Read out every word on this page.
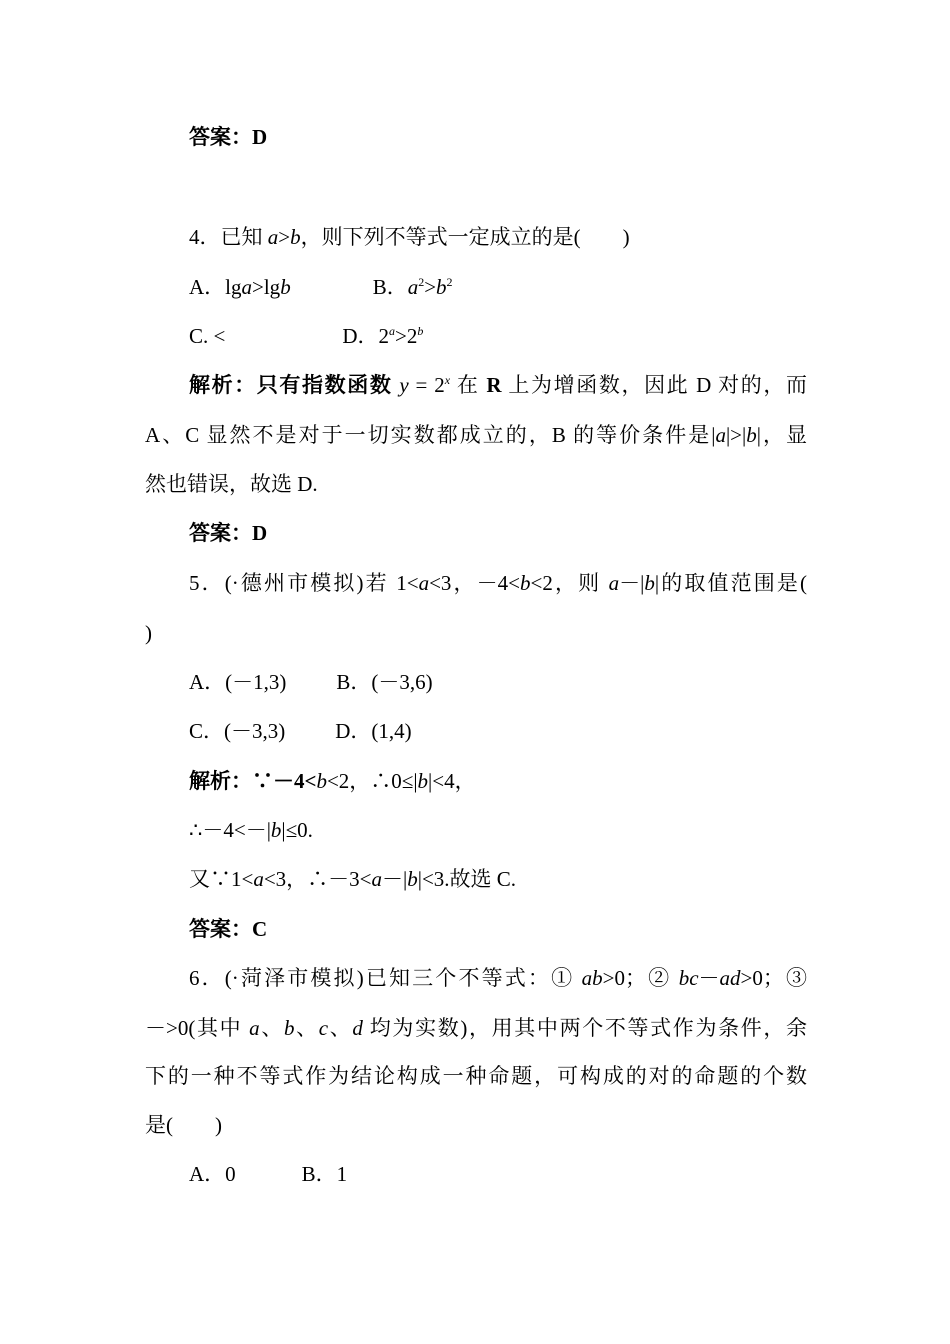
答案：D
4．已知 a>b，则下列不等式一定成立的是(　　)
A．lga>lgb	B．$a^2>b^2$
C. <	D．$2^a>2^b$
解析：只有指数函数 $y = 2^x$ 在 R 上为增函数，因此 D 对的，而
A、C 显然不是对于一切实数都成立的，B 的等价条件是|a|>|b|，显
然也错误，故选 D.
答案：D
5．(·德州市模拟)若 1<a<3，－4<b<2，则 a－|b|的取值范围是(
)
A．(－1,3) B．(－3,6)
C．(－3,3) D．(1,4)
解析：∵－4<b<2，∴0≤|b|<4，
∴－4<－|b|≤0.
又∵1<a<3，∴－3<a－|b|<3.故选 C.
答案：C
6．(·菏泽市模拟)已知三个不等式：① ab>0；② bc－ad>0；③
－>0(其中 a、b、c、d 均为实数)，用其中两个不等式作为条件，余
下的一种不等式作为结论构成一种命题，可构成的对的命题的个数
是(　　)
A．0	B．1
